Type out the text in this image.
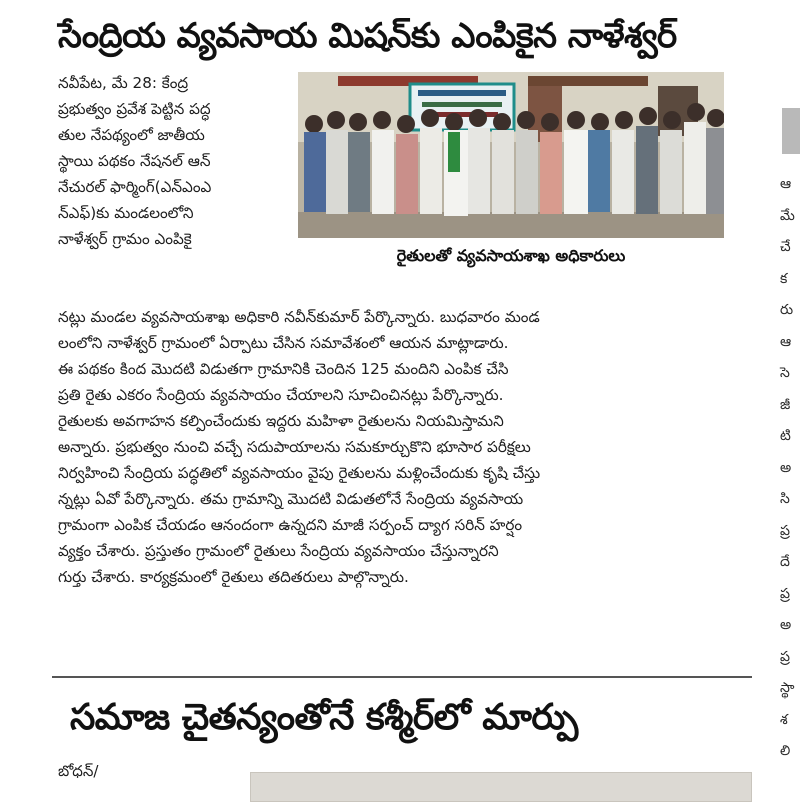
సేంద్రియ వ్యవసాయ మిషన్‌కు ఎంపికైన నాళేశ్వర్
నవీపేట, మే 28: కేంద్ర
ప్రభుత్వం ప్రవేశ పెట్టిన పద్ధ
తుల నేపథ్యంలో జాతీయ
స్థాయి పథకం నేషనల్ ఆన్
నేచురల్ ఫార్మింగ్(ఎన్ఎంఎ
న్ఎఫ్)కు మండలంలోని
నాళేశ్వర్ గ్రామం ఎంపికై
రైతులతో వ్యవసాయశాఖ అధికారులు
నట్లు మండల వ్యవసాయశాఖ అధికారి నవీన్‌కుమార్ పేర్కొన్నారు. బుధవారం మండ
లంలోని నాళేశ్వర్ గ్రామంలో ఏర్పాటు చేసిన సమావేశంలో ఆయన మాట్లాడారు.
ఈ పథకం కింద మొదటి విడుతగా గ్రామానికి చెందిన 125 మందిని ఎంపిక చేసి
ప్రతి రైతు ఎకరం సేంద్రియ వ్యవసాయం చేయాలని సూచించినట్లు పేర్కొన్నారు.
రైతులకు అవగాహన కల్పించేందుకు ఇద్దరు మహిళా రైతులను నియమిస్తామని
అన్నారు. ప్రభుత్వం నుంచి వచ్చే సదుపాయాలను సమకూర్చుకొని భూసార పరీక్షలు
నిర్వహించి సేంద్రియ పద్ధతిలో వ్యవసాయం వైపు రైతులను మళ్లించేందుకు కృషి చేస్తు
న్నట్లు ఏవో పేర్కొన్నారు. తమ గ్రామాన్ని మొదటి విడుతలోనే సేంద్రియ వ్యవసాయ
గ్రామంగా ఎంపిక చేయడం ఆనందంగా ఉన్నదని మాజీ సర్పంచ్ ద్యాగ సరిన్ హర్షం
వ్యక్తం చేశారు. ప్రస్తుతం గ్రామంలో రైతులు సేంద్రియ వ్యవసాయం చేస్తున్నారని
గుర్తు చేశారు. కార్యక్రమంలో రైతులు తదితరులు పాల్గొన్నారు.
సమాజ చైతన్యంతోనే కశ్మీర్‌లో మార్పు
బోధన్/
ఆ
మే
చే
క
రు
ఆ
సె
జీ
టి
అ
సి
ప్ర
దే
ప్ర
అ
ప్ర
స్థా
శ
లి
